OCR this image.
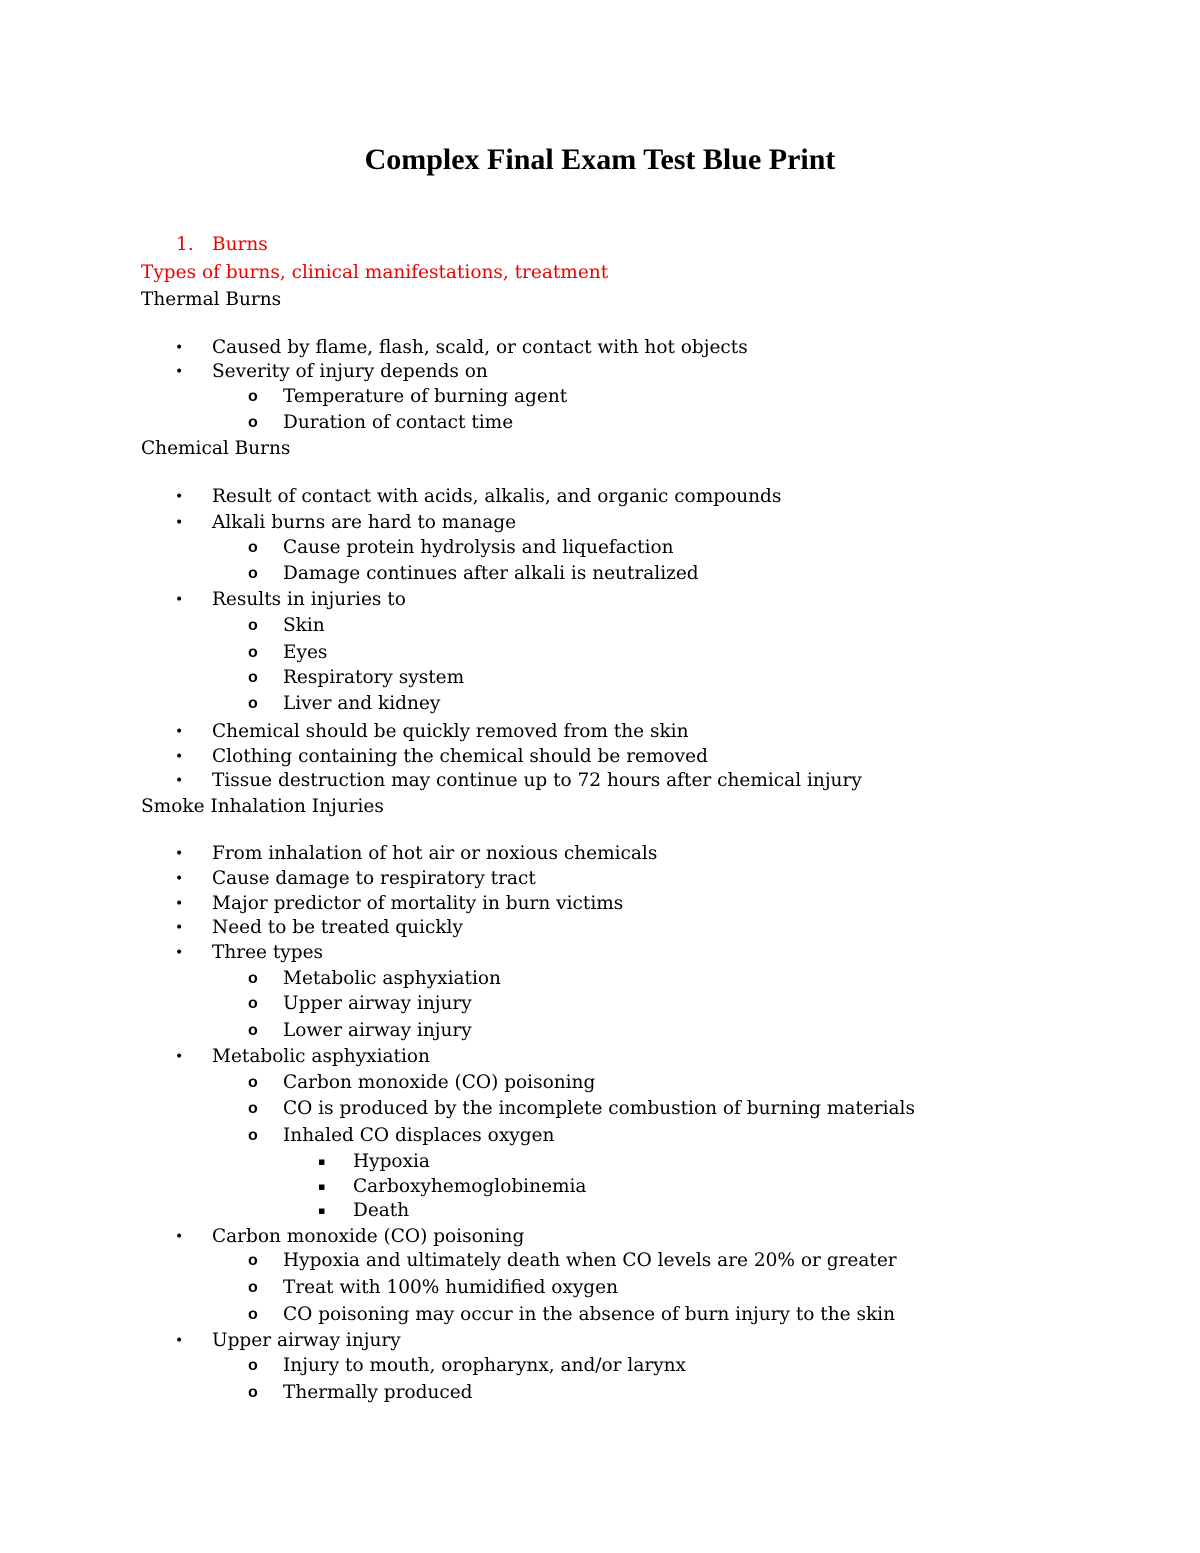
Complex Final Exam Test Blue Print
1. Burns
Types of burns, clinical manifestations, treatment
Thermal Burns
• Caused by flame, flash, scald, or contact with hot objects
• Severity of injury depends on
o Temperature of burning agent
o Duration of contact time
Chemical Burns
• Result of contact with acids, alkalis, and organic compounds
• Alkali burns are hard to manage
o Cause protein hydrolysis and liquefaction
o Damage continues after alkali is neutralized
• Results in injuries to
o Skin
o Eyes
o Respiratory system
o Liver and kidney
• Chemical should be quickly removed from the skin
• Clothing containing the chemical should be removed
• Tissue destruction may continue up to 72 hours after chemical injury
Smoke Inhalation Injuries
• From inhalation of hot air or noxious chemicals
• Cause damage to respiratory tract
• Major predictor of mortality in burn victims
• Need to be treated quickly
• Three types
o Metabolic asphyxiation
o Upper airway injury
o Lower airway injury
• Metabolic asphyxiation
o Carbon monoxide (CO) poisoning
o CO is produced by the incomplete combustion of burning materials
o Inhaled CO displaces oxygen
▪ Hypoxia
▪ Carboxyhemoglobinemia
▪ Death
• Carbon monoxide (CO) poisoning
o Hypoxia and ultimately death when CO levels are 20% or greater
o Treat with 100% humidified oxygen
o CO poisoning may occur in the absence of burn injury to the skin
• Upper airway injury
o Injury to mouth, oropharynx, and/or larynx
o Thermally produced
